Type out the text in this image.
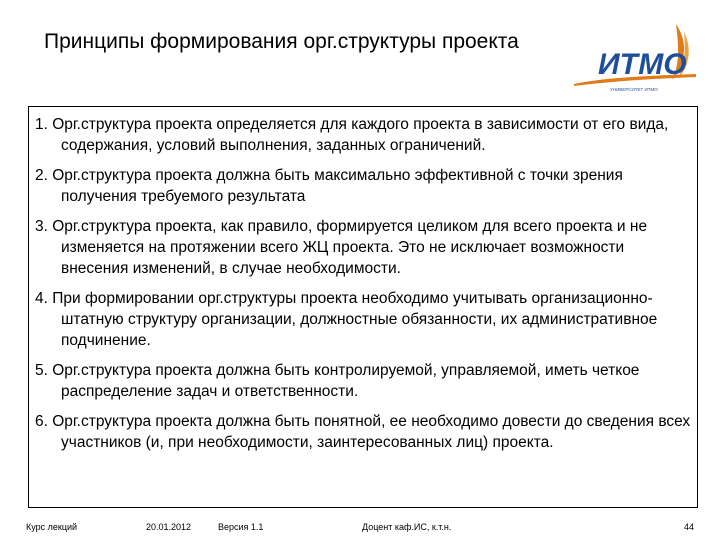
Принципы формирования орг.структуры проекта
ИТМО
УНИВЕРСИТЕТ ИТМО
1. Орг.структура проекта определяется для каждого проекта в зависимости от его вида, содержания, условий выполнения, заданных ограничений.
2. Орг.структура проекта должна быть максимально эффективной с точки зрения получения требуемого результата
3. Орг.структура проекта, как правило, формируется целиком для всего проекта и не изменяется на протяжении всего ЖЦ проекта. Это не исключает возможности внесения изменений, в случае необходимости.
4. При формировании орг.структуры проекта необходимо учитывать организационно-штатную структуру организации, должностные обязанности, их административное подчинение.
5. Орг.структура проекта должна быть контролируемой, управляемой, иметь четкое распределение задач и ответственности.
6. Орг.структура проекта должна быть понятной, ее необходимо довести до сведения всех участников (и, при необходимости, заинтересованных лиц) проекта.
Курс лекций	20.01.2012	Версия 1.1	Доцент каф.ИС, к.т.н.	44
